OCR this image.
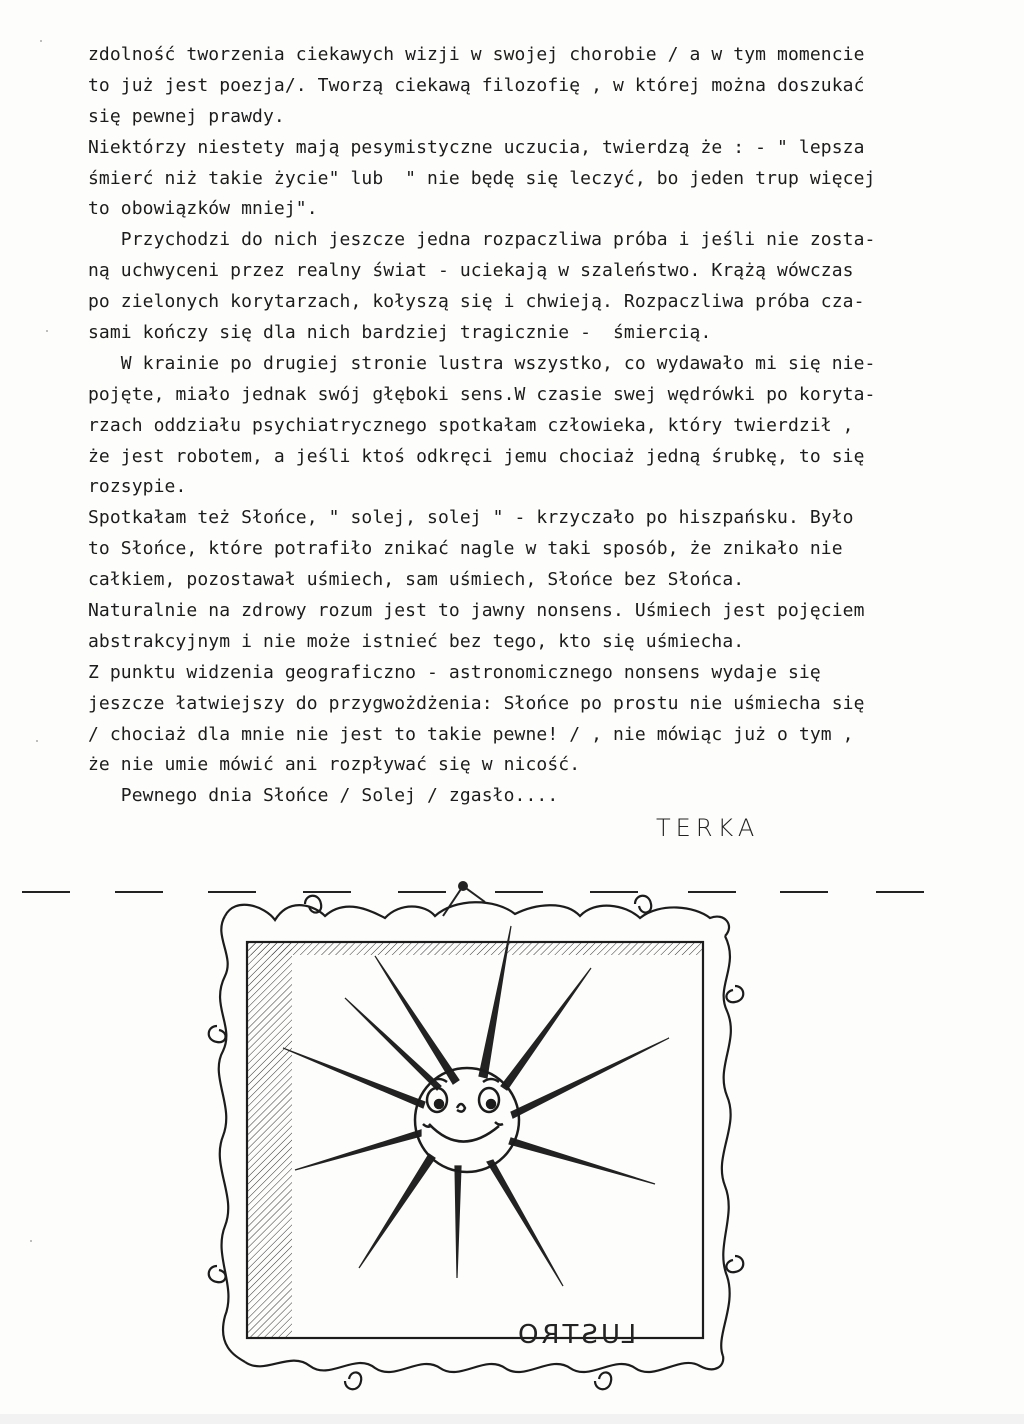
zdolność tworzenia ciekawych wizji w swojej chorobie / a w tym momencie
to już jest poezja/. Tworzą ciekawą filozofię , w której można doszukać
się pewnej prawdy.
Niektórzy niestety mają pesymistyczne uczucia, twierdzą że : - " lepsza
śmierć niż takie życie" lub  " nie będę się leczyć, bo jeden trup więcej
to obowiązków mniej".
Przychodzi do nich jeszcze jedna rozpaczliwa próba i jeśli nie zosta-
ną uchwyceni przez realny świat - uciekają w szaleństwo. Krążą wówczas
po zielonych korytarzach, kołyszą się i chwieją. Rozpaczliwa próba cza-
sami kończy się dla nich bardziej tragicznie -  śmiercią.
W krainie po drugiej stronie lustra wszystko, co wydawało mi się nie-
pojęte, miało jednak swój głęboki sens.W czasie swej wędrówki po koryta-
rzach oddziału psychiatrycznego spotkałam człowieka, który twierdził ,
że jest robotem, a jeśli ktoś odkręci jemu chociaż jedną śrubkę, to się
rozsypie.
Spotkałam też Słońce, " solej, solej " - krzyczało po hiszpańsku. Było
to Słońce, które potrafiło znikać nagle w taki sposób, że znikało nie
całkiem, pozostawał uśmiech, sam uśmiech, Słońce bez Słońca.
Naturalnie na zdrowy rozum jest to jawny nonsens. Uśmiech jest pojęciem
abstrakcyjnym i nie może istnieć bez tego, kto się uśmiecha.
Z punktu widzenia geograficzno - astronomicznego nonsens wydaje się
jeszcze łatwiejszy do przygwożdżenia: Słońce po prostu nie uśmiecha się
/ chociaż dla mnie nie jest to takie pewne! / , nie mówiąc już o tym ,
że nie umie mówić ani rozpływać się w nicość.
Pewnego dnia Słońce / Solej / zgasło....
TERKA
LUSTRO
